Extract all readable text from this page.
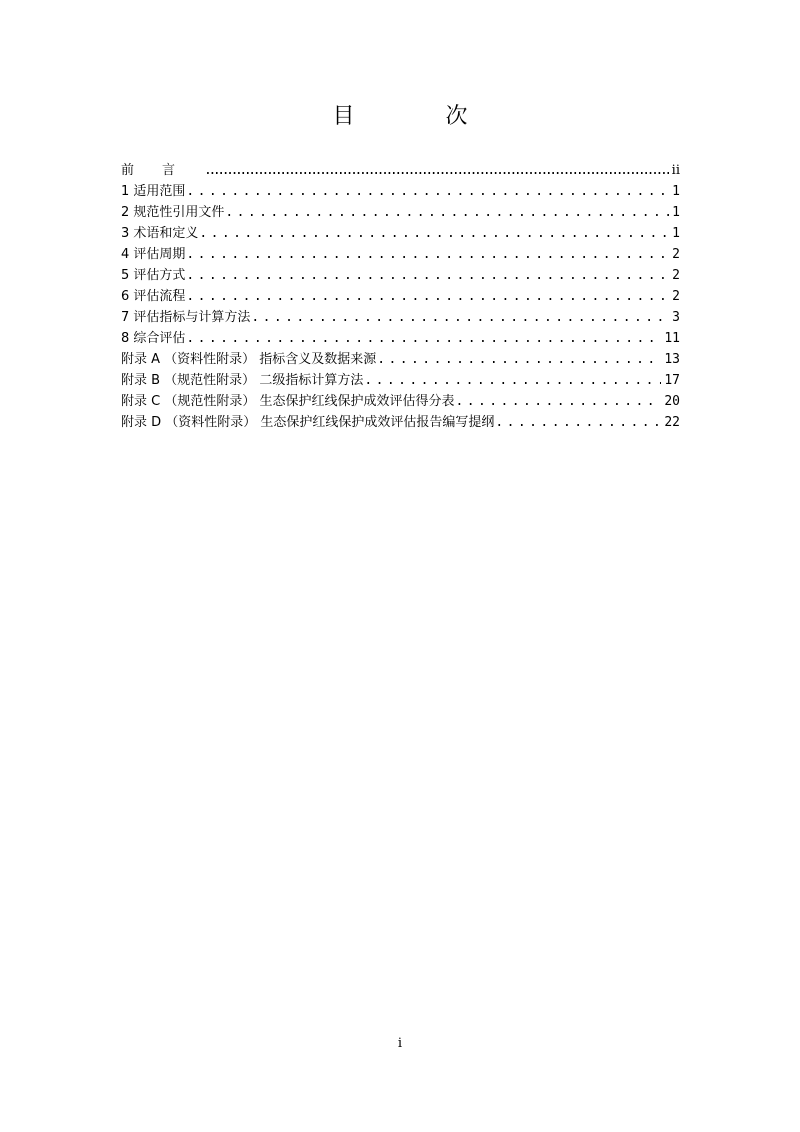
目 次
前言 .....	ii
1 适用范围 . . .	1
2 规范性引用文件 . . .	1
3 术语和定义 . . .	1
4 评估周期 . . .	2
5 评估方式 . . .	2
6 评估流程 . . .	2
7 评估指标与计算方法 . . .	3
8 综合评估 . . .	11
附录 A （资料性附录） 指标含义及数据来源 . . .	13
附录 B （规范性附录） 二级指标计算方法 . . .	17
附录 C （规范性附录） 生态保护红线保护成效评估得分表 . . .	20
附录 D （资料性附录） 生态保护红线保护成效评估报告编写提纲 . . .	22
i
